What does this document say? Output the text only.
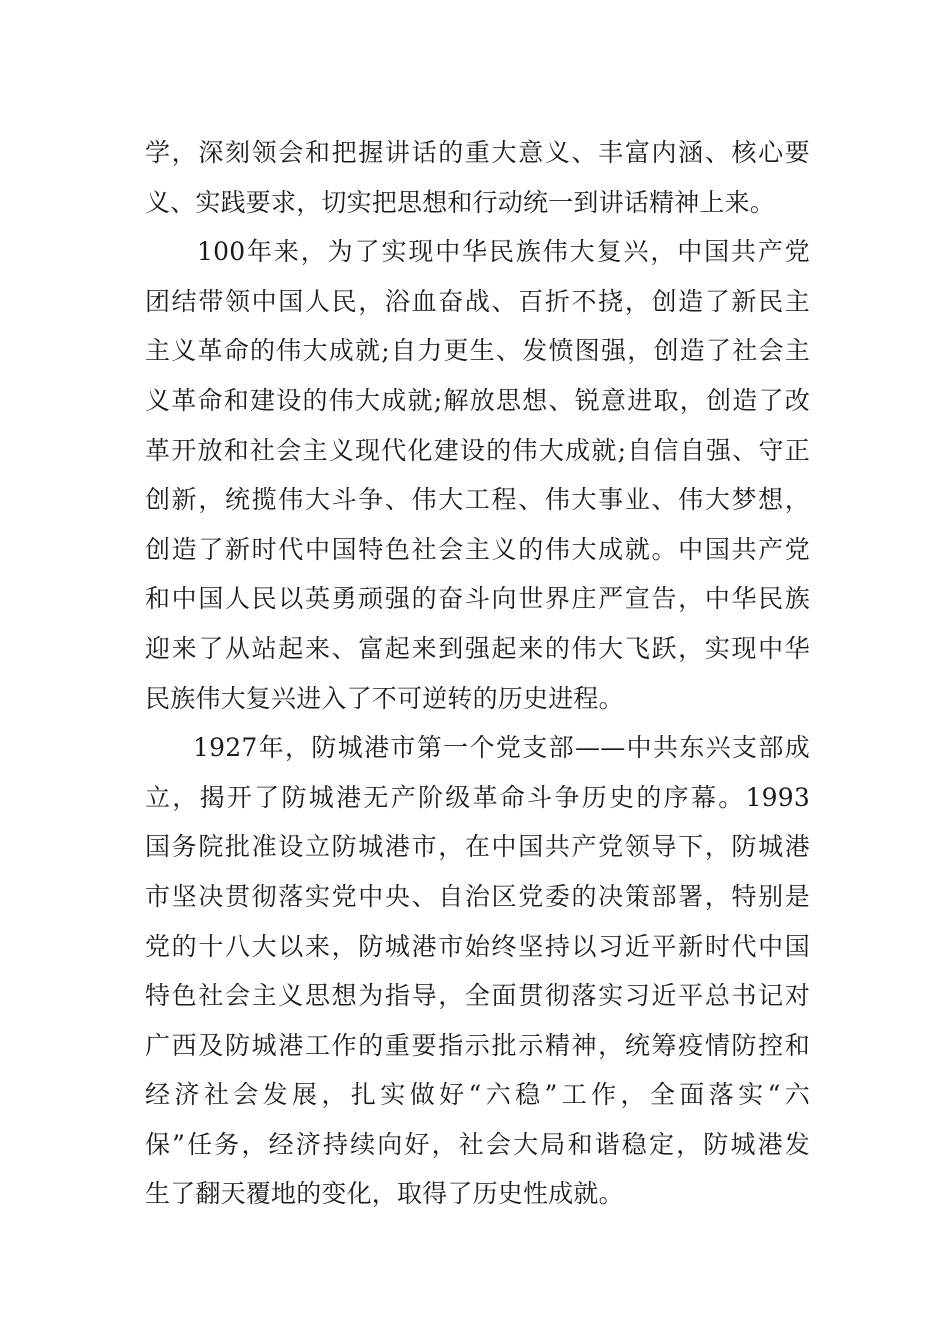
学，深刻领会和把握讲话的重大意义、丰富内涵、核心要
义、实践要求，切实把思想和行动统一到讲话精神上来。
100年来，为了实现中华民族伟大复兴，中国共产党
团结带领中国人民，浴血奋战、百折不挠，创造了新民主
主义革命的伟大成就;自力更生、发愤图强，创造了社会主
义革命和建设的伟大成就;解放思想、锐意进取，创造了改
革开放和社会主义现代化建设的伟大成就;自信自强、守正
创新，统揽伟大斗争、伟大工程、伟大事业、伟大梦想，
创造了新时代中国特色社会主义的伟大成就。中国共产党
和中国人民以英勇顽强的奋斗向世界庄严宣告，中华民族
迎来了从站起来、富起来到强起来的伟大飞跃，实现中华
民族伟大复兴进入了不可逆转的历史进程。
1927年，防城港市第一个党支部——中共东兴支部成
立，揭开了防城港无产阶级革命斗争历史的序幕。1993
国务院批准设立防城港市，在中国共产党领导下，防城港
市坚决贯彻落实党中央、自治区党委的决策部署，特别是
党的十八大以来，防城港市始终坚持以习近平新时代中国
特色社会主义思想为指导，全面贯彻落实习近平总书记对
广西及防城港工作的重要指示批示精神，统筹疫情防控和
经济社会发展，扎实做好“六稳”工作，全面落实“六
保”任务，经济持续向好，社会大局和谐稳定，防城港发
生了翻天覆地的变化，取得了历史性成就。
